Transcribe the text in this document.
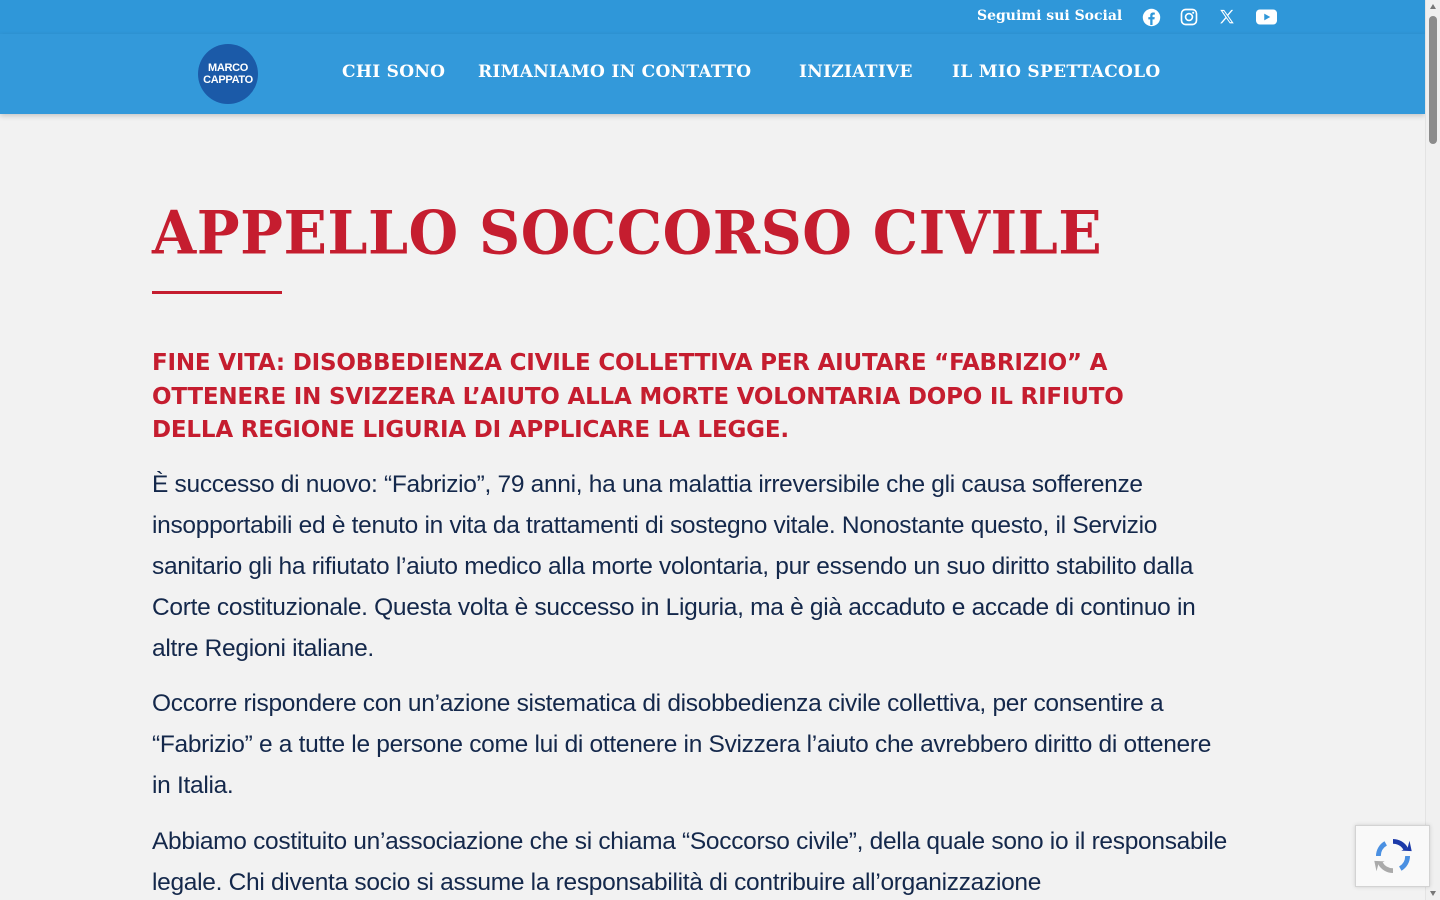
Seguimi sui Social
MARCO
CAPPATO	CHI SONO RIMANIAMO IN CONTATTO	INIZIATIVE IL MIO SPETTACOLO
APPELLO SOCCORSO CIVILE
FINE VITA: DISOBBEDIENZA CIVILE COLLETTIVA PER AIUTARE “FABRIZIO” A OTTENERE IN SVIZZERA L’AIUTO ALLA MORTE VOLONTARIA DOPO IL RIFIUTO DELLA REGIONE LIGURIA DI APPLICARE LA LEGGE.

È successo di nuovo: “Fabrizio”, 79 anni, ha una malattia irreversibile che gli causa sofferenze insopportabili ed è tenuto in vita da trattamenti di sostegno vitale. Nonostante questo, il Servizio sanitario gli ha rifiutato l’aiuto medico alla morte volontaria, pur essendo un suo diritto stabilito dalla Corte costituzionale. Questa volta è successo in Liguria, ma è già accaduto e accade di continuo in altre Regioni italiane.

Occorre rispondere con un’azione sistematica di disobbedienza civile collettiva, per consentire a “Fabrizio” e a tutte le persone come lui di ottenere in Svizzera l’aiuto che avrebbero diritto di ottenere in Italia.

Abbiamo costituito un’associazione che si chiama “Soccorso civile”, della quale sono io il responsabile legale. Chi diventa socio si assume la responsabilità di contribuire all’organizzazione
